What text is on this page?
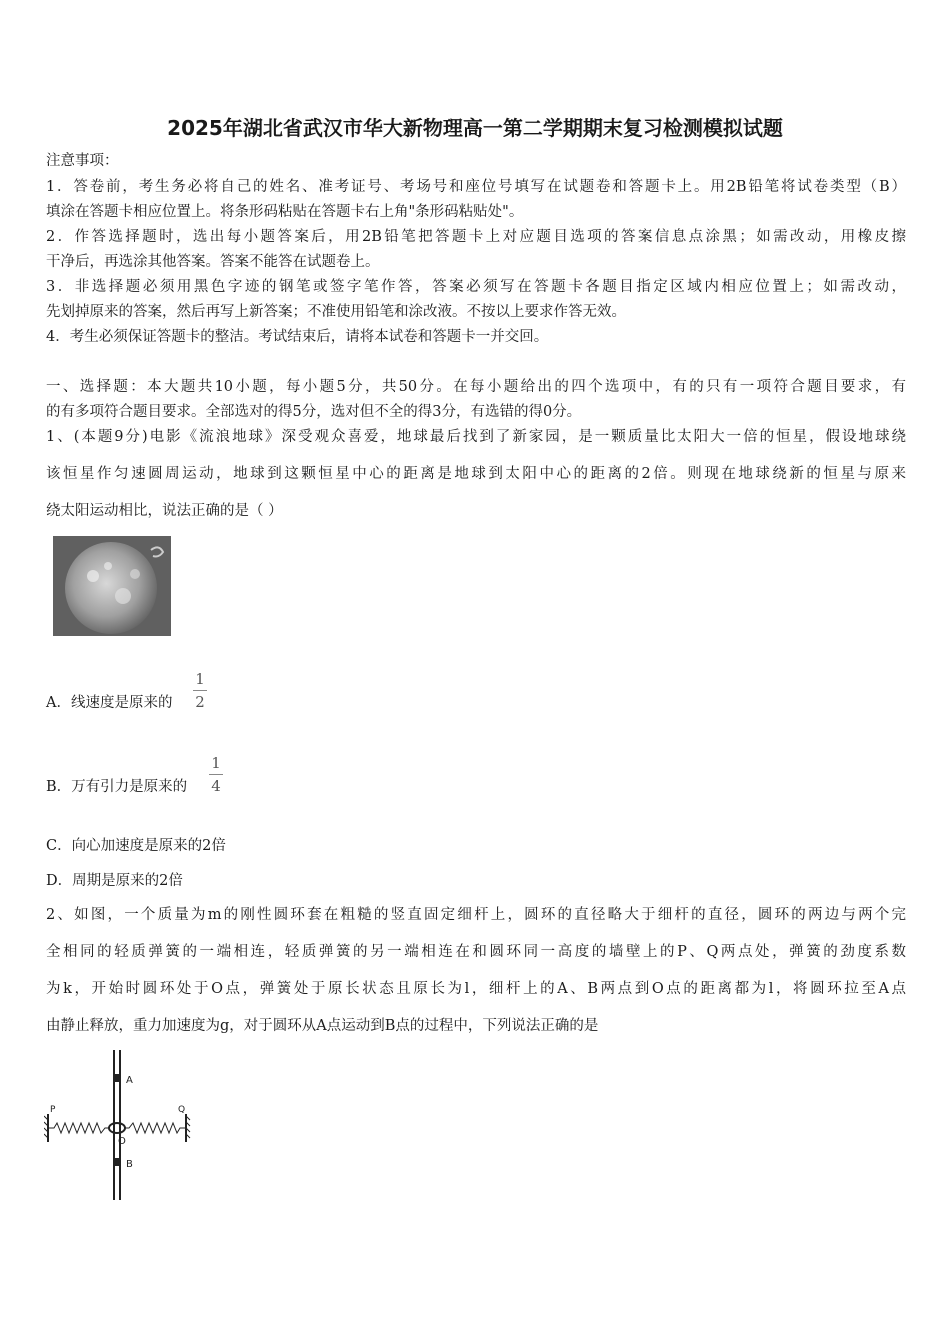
2025年湖北省武汉市华大新物理高一第二学期期末复习检测模拟试题
注意事项：
1．答卷前，考生务必将自己的姓名、准考证号、考场号和座位号填写在试题卷和答题卡上。用2B铅笔将试卷类型（B）
填涂在答题卡相应位置上。将条形码粘贴在答题卡右上角"条形码粘贴处"。
2．作答选择题时，选出每小题答案后，用2B铅笔把答题卡上对应题目选项的答案信息点涂黑；如需改动，用橡皮擦
干净后，再选涂其他答案。答案不能答在试题卷上。
3．非选择题必须用黑色字迹的钢笔或签字笔作答，答案必须写在答题卡各题目指定区域内相应位置上；如需改动，
先划掉原来的答案，然后再写上新答案；不准使用铅笔和涂改液。不按以上要求作答无效。
4．考生必须保证答题卡的整洁。考试结束后，请将本试卷和答题卡一并交回。
一、选择题：本大题共10小题，每小题5分，共50分。在每小题给出的四个选项中，有的只有一项符合题目要求，有
的有多项符合题目要求。全部选对的得5分，选对但不全的得3分，有选错的得0分。
1、(本题9分)电影《流浪地球》深受观众喜爱，地球最后找到了新家园，是一颗质量比太阳大一倍的恒星，假设地球绕
该恒星作匀速圆周运动，地球到这颗恒星中心的距离是地球到太阳中心的距离的2倍。则现在地球绕新的恒星与原来
绕太阳运动相比，说法正确的是（ ）
A．线速度是原来的
1
2
B．万有引力是原来的
1
4
C．向心加速度是原来的2倍
D．周期是原来的2倍
2、如图，一个质量为m的刚性圆环套在粗糙的竖直固定细杆上，圆环的直径略大于细杆的直径，圆环的两边与两个完
全相同的轻质弹簧的一端相连，轻质弹簧的另一端相连在和圆环同一高度的墙壁上的P、Q两点处，弹簧的劲度系数
为k，开始时圆环处于O点，弹簧处于原长状态且原长为l，细杆上的A、B两点到O点的距离都为l，将圆环拉至A点
由静止释放，重力加速度为g，对于圆环从A点运动到B点的过程中，下列说法正确的是
A
B
P	Q
O
